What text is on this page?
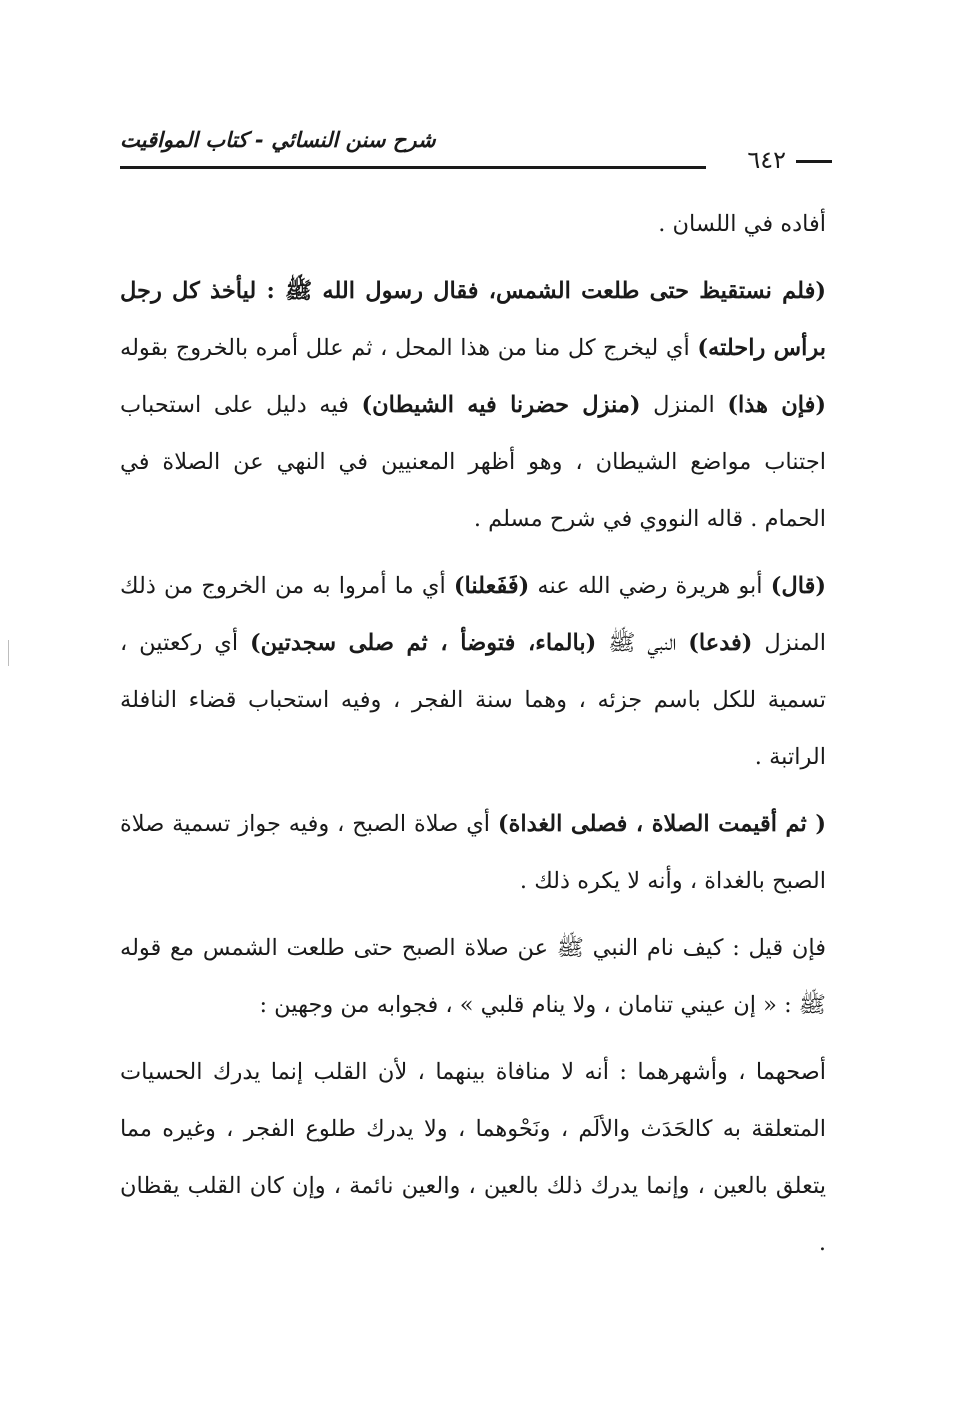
شرح سنن النسائي - كتاب المواقيت
٦٤٢

أفاده في اللسان .

(فلم نستقيظ حتى طلعت الشمس، فقال رسول الله ﷺ : ليأخذ كل رجل برأس راحلته) أي ليخرج كل منا من هذا المحل ، ثم علل أمره بالخروج بقوله (فإن هذا) المنزل (منزل حضرنا فيه الشيطان) فيه دليل على استحباب اجتناب مواضع الشيطان ، وهو أظهر المعنيين في النهي عن الصلاة في الحمام . قاله النووي في شرح مسلم .

(قال) أبو هريرة رضي الله عنه (فَفَعلنا) أي ما أمروا به من الخروج من ذلك المنزل (فدعا) النبي ﷺ (بالماء، فتوضأ ، ثم صلى سجدتين) أي ركعتين ، تسمية للكل باسم جزئه ، وهما سنة الفجر ، وفيه استحباب قضاء النافلة الراتبة .

( ثم أقيمت الصلاة ، فصلى الغداة) أي صلاة الصبح ، وفيه جواز تسمية صلاة الصبح بالغداة ، وأنه لا يكره ذلك .

فإن قيل : كيف نام النبي ﷺ عن صلاة الصبح حتى طلعت الشمس مع قوله ﷺ : « إن عيني تنامان ، ولا ينام قلبي » ، فجوابه من وجهين :

أصحهما ، وأشهرهما : أنه لا منافاة بينهما ، لأن القلب إنما يدرك الحسيات المتعلقة به كالحَدَث والألَم ، ونَحْوهما ، ولا يدرك طلوع الفجر ، وغيره مما يتعلق بالعين ، وإنما يدرك ذلك بالعين ، والعين نائمة ، وإن كان القلب يقظان .
